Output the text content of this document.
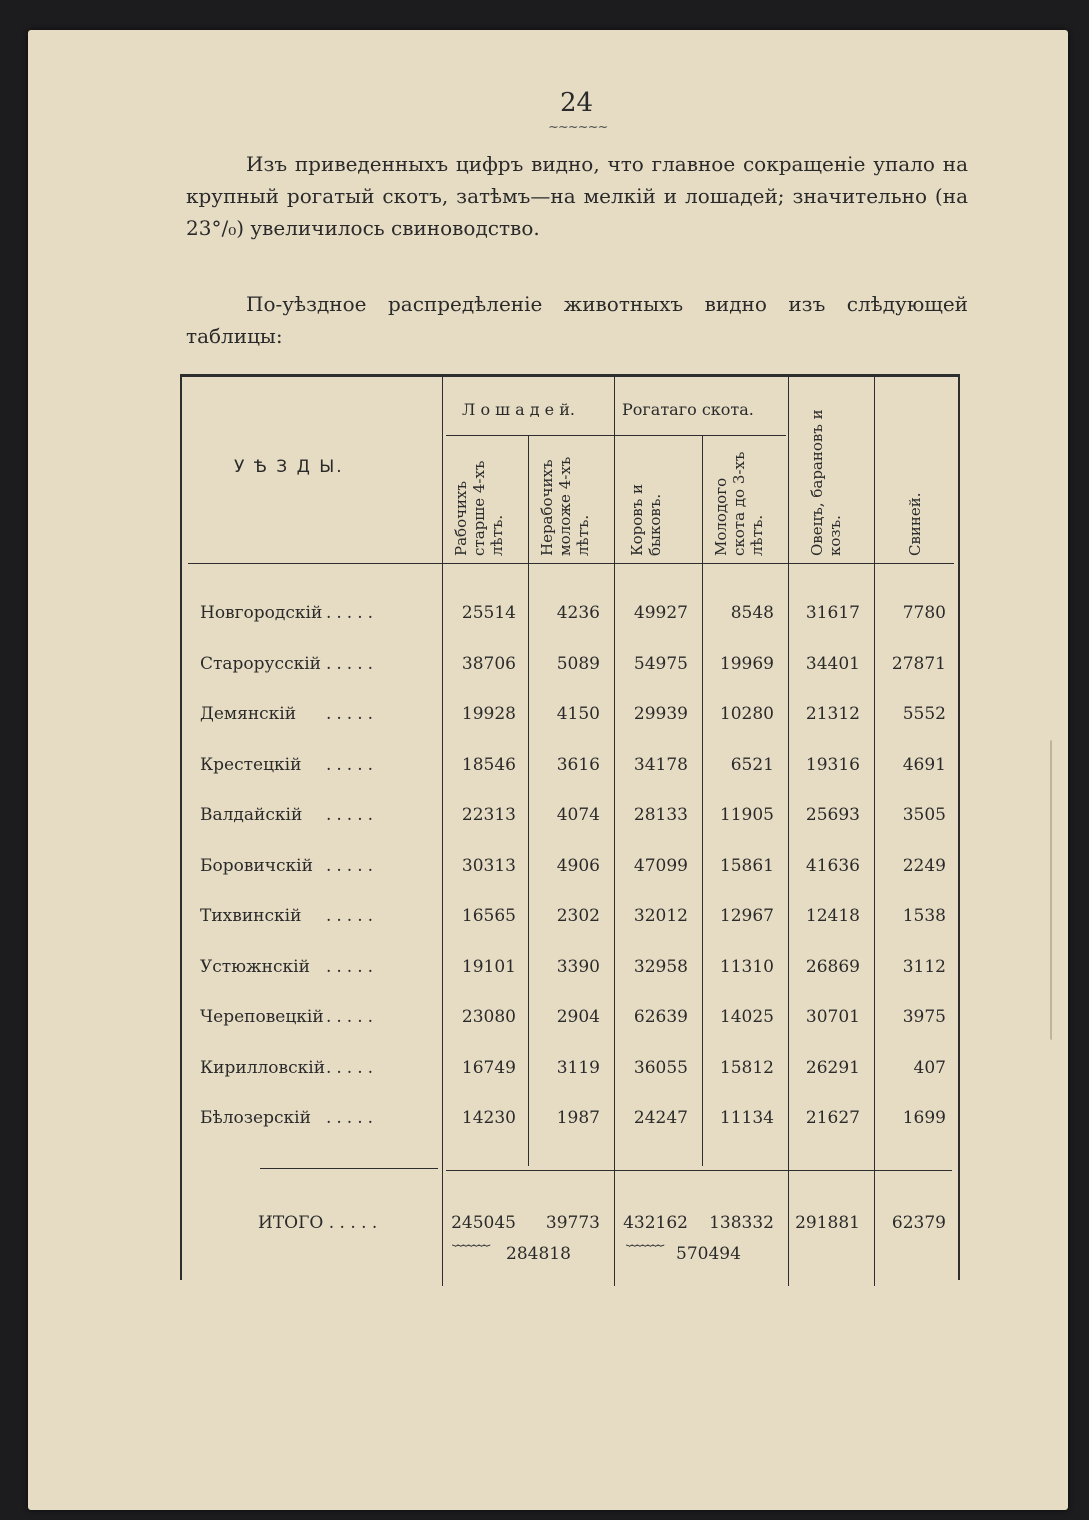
24
~~~~~~
Изъ приведенныхъ цифръ видно, что главное сокращеніе упало на крупный рогатый скотъ, затѣмъ—на мелкій и лошадей; значительно (на 23°/₀) увеличилось свиноводство.
По-уѣздное распредѣленіе животныхъ видно изъ слѣдующей таблицы:
У Ѣ З Д Ы.
Л о ш а д е й.	Рогатаго скота.
Рабочихъ старше 4-хъ лѣтъ.	Нерабочихъ моложе 4-хъ лѣтъ.	Коровъ и быковъ.	Молодого скота до 3-хъ лѣтъ.	Овецъ, барановъ и козъ.	Свиней.
Новгородскій .....	25514	4236	49927	8548	31617	7780
Старорусскій .....	38706	5089	54975	19969	34401	27871
Демянскій .....	19928	4150	29939	10280	21312	5552
Крестецкій .....	18546	3616	34178	6521	19316	4691
Валдайскій .....	22313	4074	28133	11905	25693	3505
Боровичскій .....	30313	4906	47099	15861	41636	2249
Тихвинскій .....	16565	2302	32012	12967	12418	1538
Устюжнскій .....	19101	3390	32958	11310	26869	3112
Череповецкій .....	23080	2904	62639	14025	30701	3975
Кирилловскій .....	16749	3119	36055	15812	26291	407
Бѣлозерскій .....	14230	1987	24247	11134	21627	1699
ИТОГО . . . . .	245045	39773	432162	138332	291881	62379
⏟⏟⏟⏟⏟⏟⏟	⏟⏟⏟⏟⏟⏟⏟
284818	570494
